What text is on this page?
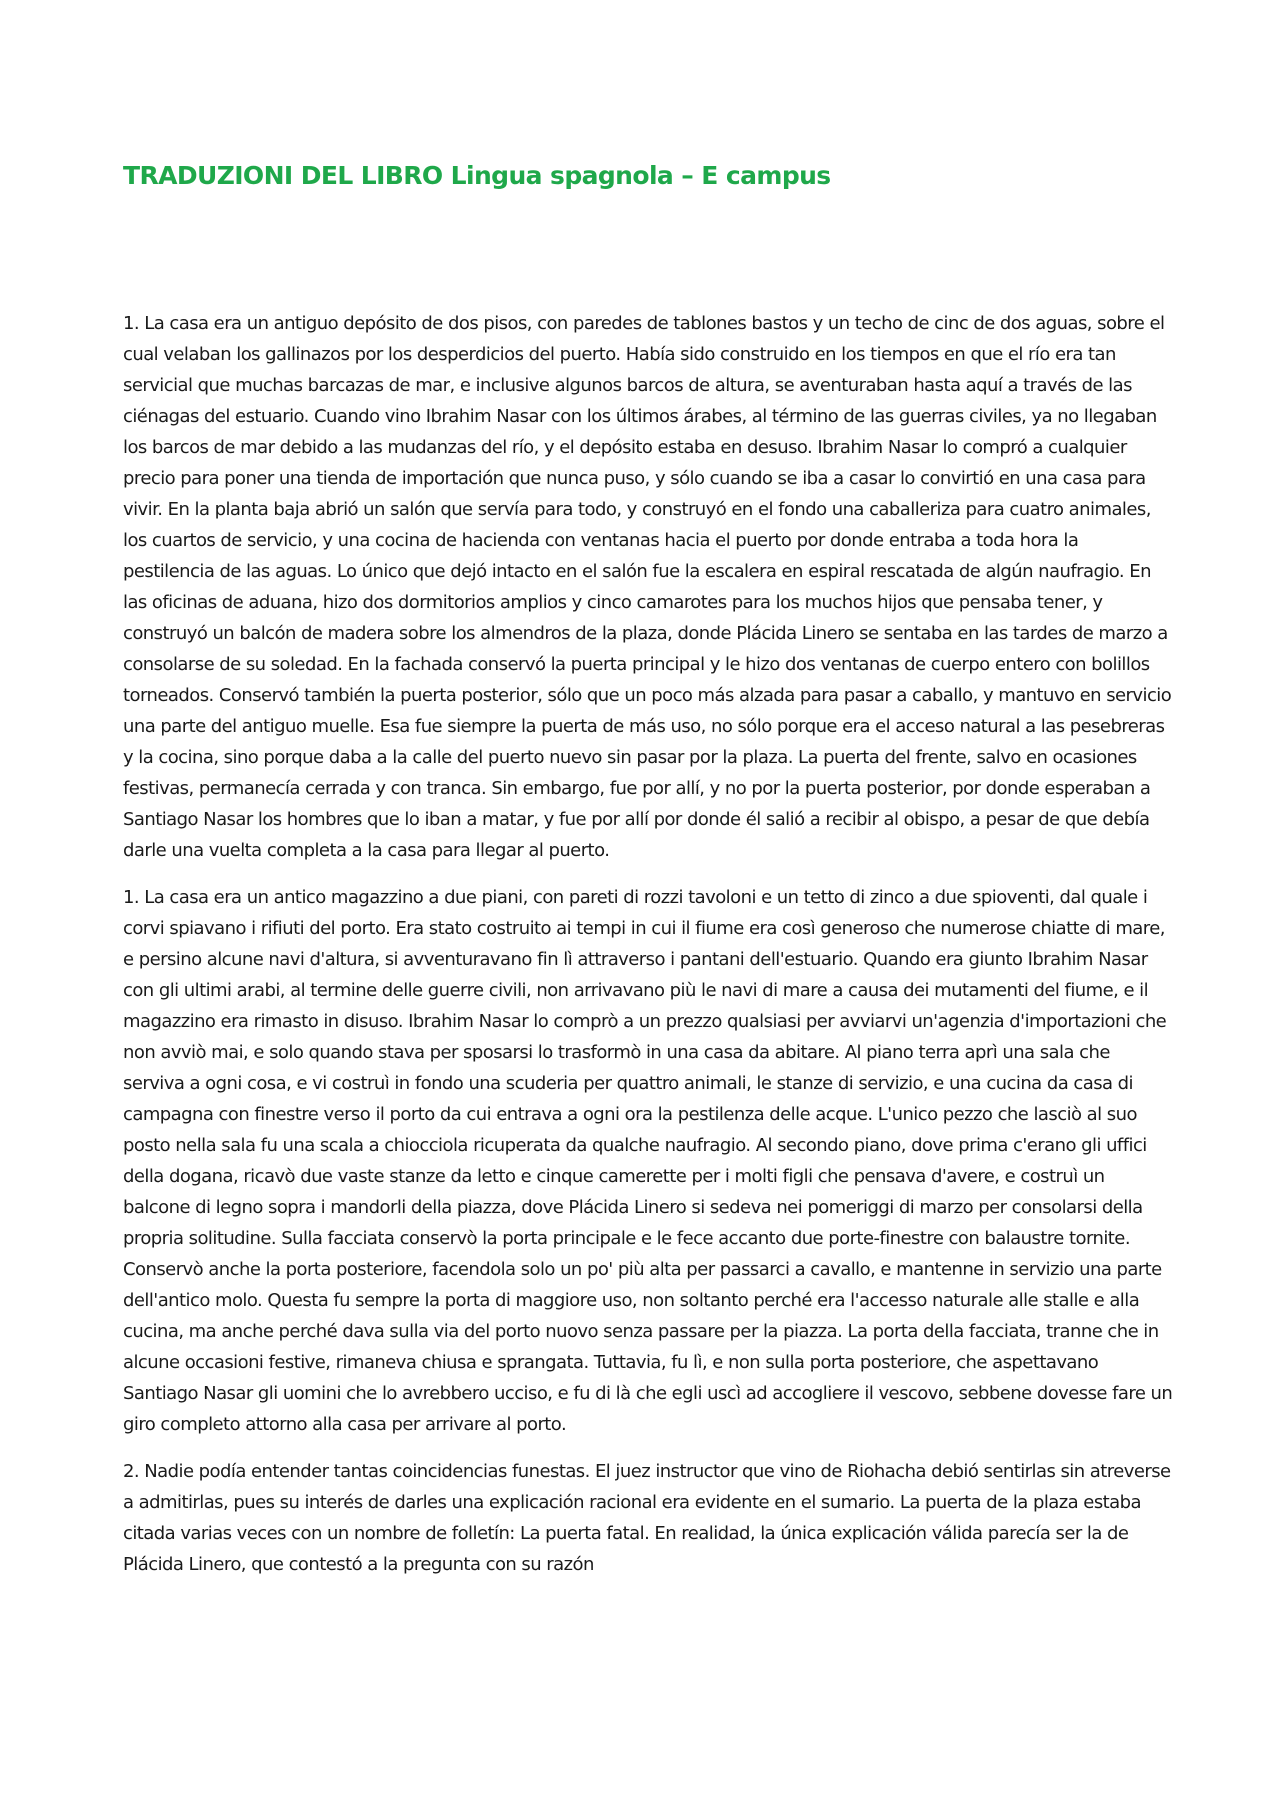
TRADUZIONI DEL LIBRO Lingua spagnola – E campus

1. La casa era un antiguo depósito de dos pisos, con paredes de tablones bastos y un techo de cinc de dos aguas, sobre el cual velaban los gallinazos por los desperdicios del puerto. Había sido construido en los tiempos en que el río era tan servicial que muchas barcazas de mar, e inclusive algunos barcos de altura, se aventuraban hasta aquí a través de las ciénagas del estuario. Cuando vino Ibrahim Nasar con los últimos árabes, al término de las guerras civiles, ya no llegaban los barcos de mar debido a las mudanzas del río, y el depósito estaba en desuso. Ibrahim Nasar lo compró a cualquier precio para poner una tienda de importación que nunca puso, y sólo cuando se iba a casar lo convirtió en una casa para vivir. En la planta baja abrió un salón que servía para todo, y construyó en el fondo una caballeriza para cuatro animales, los cuartos de servicio, y una cocina de hacienda con ventanas hacia el puerto por donde entraba a toda hora la pestilencia de las aguas. Lo único que dejó intacto en el salón fue la escalera en espiral rescatada de algún naufragio. En las oficinas de aduana, hizo dos dormitorios amplios y cinco camarotes para los muchos hijos que pensaba tener, y construyó un balcón de madera sobre los almendros de la plaza, donde Plácida Linero se sentaba en las tardes de marzo a consolarse de su soledad. En la fachada conservó la puerta principal y le hizo dos ventanas de cuerpo entero con bolillos torneados. Conservó también la puerta posterior, sólo que un poco más alzada para pasar a caballo, y mantuvo en servicio una parte del antiguo muelle. Esa fue siempre la puerta de más uso, no sólo porque era el acceso natural a las pesebreras y la cocina, sino porque daba a la calle del puerto nuevo sin pasar por la plaza. La puerta del frente, salvo en ocasiones festivas, permanecía cerrada y con tranca. Sin embargo, fue por allí, y no por la puerta posterior, por donde esperaban a Santiago Nasar los hombres que lo iban a matar, y fue por allí por donde él salió a recibir al obispo, a pesar de que debía darle una vuelta completa a la casa para llegar al puerto.

1. La casa era un antico magazzino a due piani, con pareti di rozzi tavoloni e un tetto di zinco a due spioventi, dal quale i corvi spiavano i rifiuti del porto. Era stato costruito ai tempi in cui il fiume era così generoso che numerose chiatte di mare, e persino alcune navi d'altura, si avventuravano fin lì attraverso i pantani dell'estuario. Quando era giunto Ibrahim Nasar con gli ultimi arabi, al termine delle guerre civili, non arrivavano più le navi di mare a causa dei mutamenti del fiume, e il magazzino era rimasto in disuso. Ibrahim Nasar lo comprò a un prezzo qualsiasi per avviarvi un'agenzia d'importazioni che non avviò mai, e solo quando stava per sposarsi lo trasformò in una casa da abitare. Al piano terra aprì una sala che serviva a ogni cosa, e vi costruì in fondo una scuderia per quattro animali, le stanze di servizio, e una cucina da casa di campagna con finestre verso il porto da cui entrava a ogni ora la pestilenza delle acque. L'unico pezzo che lasciò al suo posto nella sala fu una scala a chiocciola ricuperata da qualche naufragio. Al secondo piano, dove prima c'erano gli uffici della dogana, ricavò due vaste stanze da letto e cinque camerette per i molti figli che pensava d'avere, e costruì un balcone di legno sopra i mandorli della piazza, dove Plácida Linero si sedeva nei pomeriggi di marzo per consolarsi della propria solitudine. Sulla facciata conservò la porta principale e le fece accanto due porte-finestre con balaustre tornite. Conservò anche la porta posteriore, facendola solo un po' più alta per passarci a cavallo, e mantenne in servizio una parte dell'antico molo. Questa fu sempre la porta di maggiore uso, non soltanto perché era l'accesso naturale alle stalle e alla cucina, ma anche perché dava sulla via del porto nuovo senza passare per la piazza. La porta della facciata, tranne che in alcune occasioni festive, rimaneva chiusa e sprangata. Tuttavia, fu lì, e non sulla porta posteriore, che aspettavano Santiago Nasar gli uomini che lo avrebbero ucciso, e fu di là che egli uscì ad accogliere il vescovo, sebbene dovesse fare un giro completo attorno alla casa per arrivare al porto.

2. Nadie podía entender tantas coincidencias funestas. El juez instructor que vino de Riohacha debió sentirlas sin atreverse a admitirlas, pues su interés de darles una explicación racional era evidente en el sumario. La puerta de la plaza estaba citada varias veces con un nombre de folletín: La puerta fatal. En realidad, la única explicación válida parecía ser la de Plácida Linero, que contestó a la pregunta con su razón
